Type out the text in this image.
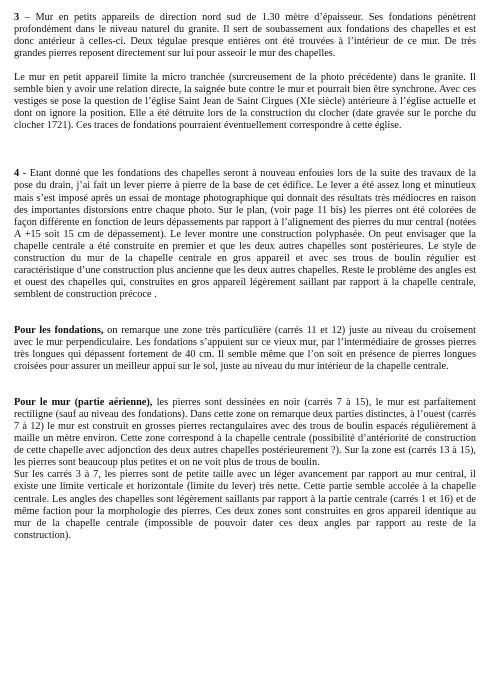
3 – Mur en petits appareils de direction nord sud de 1.30 mètre d’épaisseur. Ses fondations pénètrent profondément dans le niveau naturel du granite. Il sert de soubassement aux fondations des chapelles et est donc antérieur à celles-ci. Deux tégulae presque entières ont été trouvées à l’intérieur de ce mur. De très grandes pierres reposent directement sur lui pour asseoir le mur des chapelles.

Le mur en petit appareil limite la micro tranchée (surcreusement de la photo précédente) dans le granite. Il semble bien y avoir une relation directe, la saignée bute contre le mur et pourrait bien être synchrone. Avec ces vestiges se pose la question de l’église Saint Jean de Saint Cirgues (XIe siècle) antérieure à l’église actuelle et dont on ignore la position. Elle a été détruite lors de la construction du clocher (date gravée sur le porche du clocher 1721). Ces traces de fondations pourraient éventuellement correspondre à cette église.

4 - Etant donné que les fondations des chapelles seront à nouveau enfouies lors de la suite des travaux de la pose du drain, j’ai fait un lever pierre à pierre de la base de cet édifice. Le lever a été assez long et minutieux mais s’est imposé après un essai de montage photographique qui donnait des résultats très médiocres en raison des importantes distorsions entre chaque photo. Sur le plan, (voir page 11 bis) les pierres ont été colorées de façon différente en fonction de leurs dépassements par rapport à l’alignement des pierres du mur central (notées A +15 soit 15 cm de dépassement). Le lever montre une construction polyphasée. On peut envisager que la chapelle centrale a été construite en premier et que les deux autres chapelles sont postérieures. Le style de construction du mur de la chapelle centrale en gros appareil et avec ses trous de boulin régulier est caractéristique d’une construction plus ancienne que les deux autres chapelles. Reste le problème des angles est et ouest des chapelles qui, construites en gros appareil légèrement saillant par rapport à la chapelle centrale, semblent de construction précoce .

Pour les fondations, on remarque une zone très particulière (carrés 11 et 12) juste au niveau du croisement avec le mur perpendiculaire. Les fondations s’appuient sur ce vieux mur, par l’intermédiaire de grosses pierres très longues qui dépassent fortement de 40 cm. Il semble même que l’on soit en présence de pierres longues croisées pour assurer un meilleur appui sur le sol, juste au niveau du mur intérieur de la chapelle centrale.

Pour le mur (partie aérienne), les pierres sont dessinées en noir (carrés 7 à 15), le mur est parfaitement rectiligne (sauf au niveau des fondations). Dans cette zone on remarque deux parties distinctes, à l’ouest (carrés 7 à 12) le mur est construit en grosses pierres rectangulaires avec des trous de boulin espacés régulièrement à maille un mètre environ. Cette zone correspond à la chapelle centrale (possibilité d’antériorité de construction de cette chapelle avec adjonction des deux autres chapelles postérieurement ?). Sur la zone est (carrés 13 à 15), les pierres sont beaucoup plus petites et on ne voit plus de trous de boulin.

Sur les carrés 3 à 7, les pierres sont de petite taille avec un léger avancement par rapport au mur central, il existe une limite verticale et horizontale (limite du lever) très nette. Cette partie semble accolée à la chapelle centrale. Les angles des chapelles sont légèrement saillants par rapport à la partie centrale (carrés 1 et 16) et de même faction pour la morphologie des pierres. Ces deux zones sont construites en gros appareil identique au mur de la chapelle centrale (impossible de pouvoir dater ces deux angles par rapport au reste de la construction).
